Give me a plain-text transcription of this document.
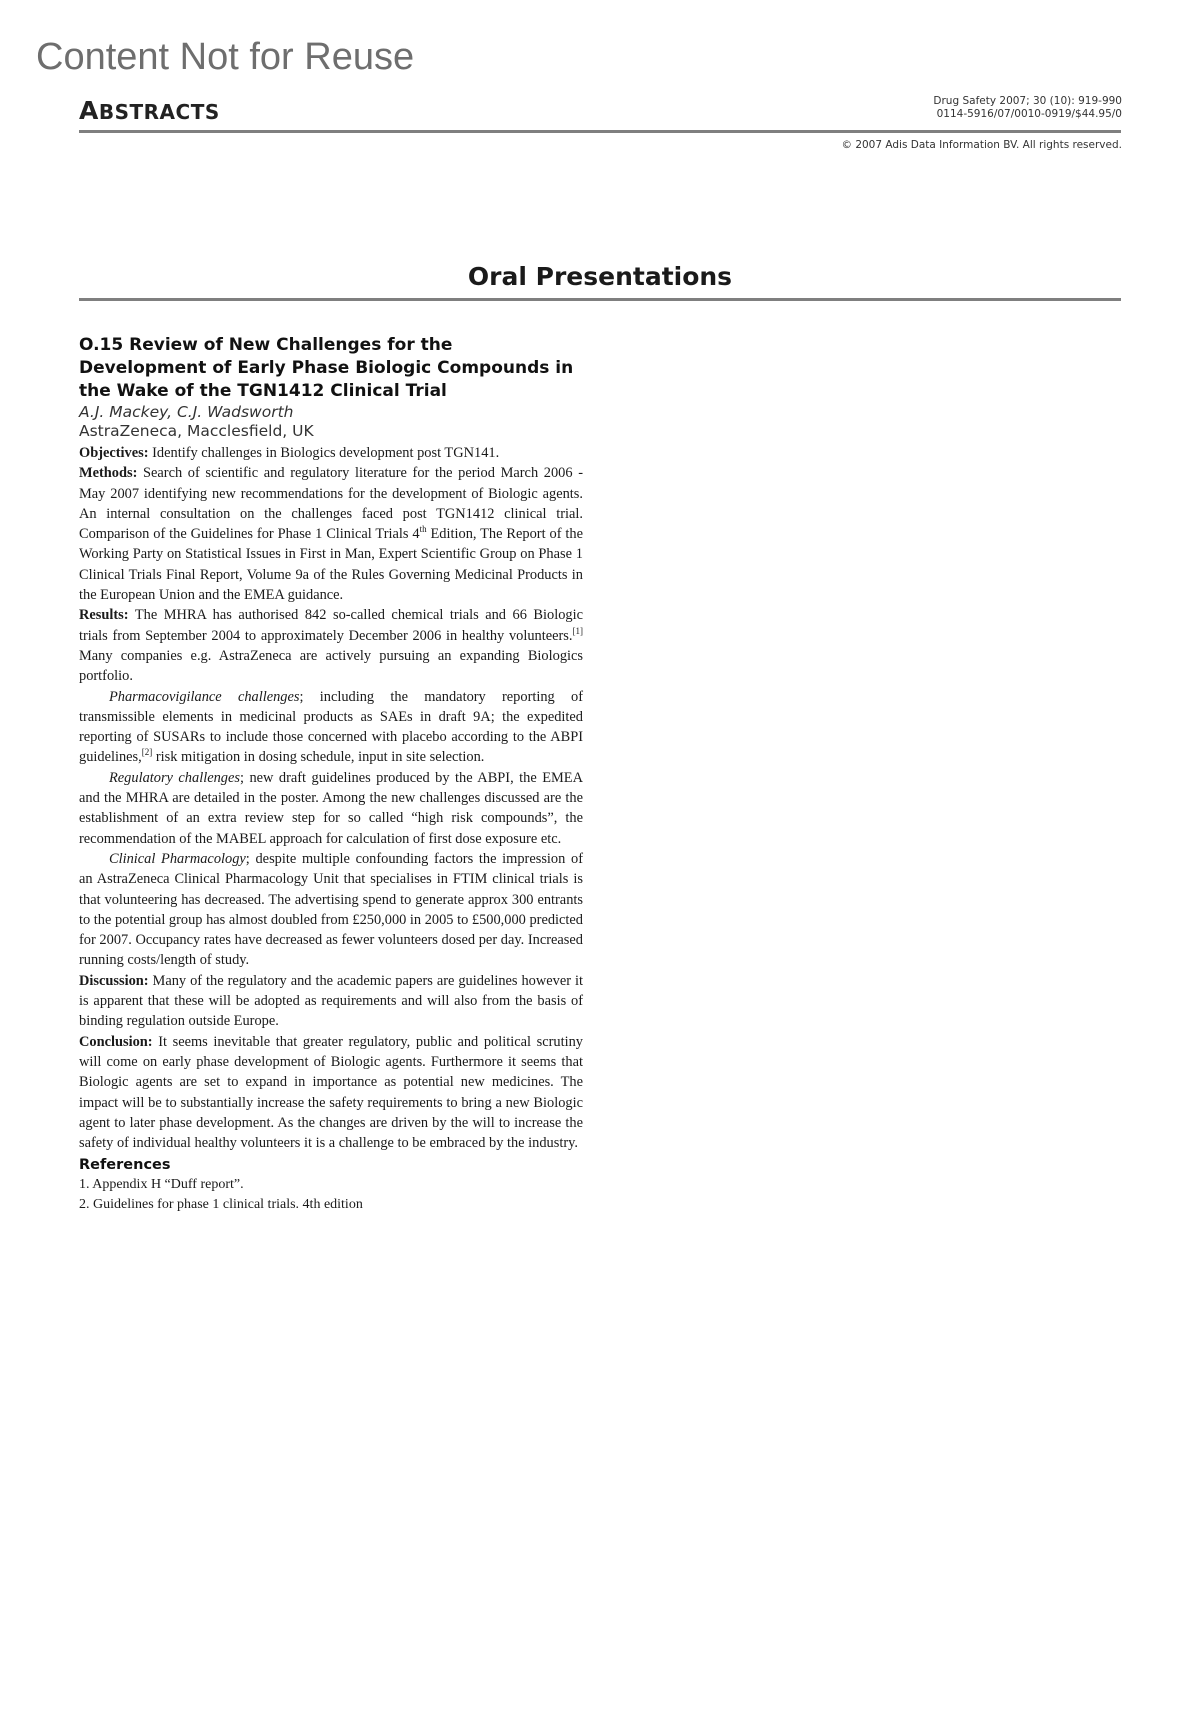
Content Not for Reuse
ABSTRACTS	Drug Safety 2007; 30 (10): 919-990
0114-5916/07/0010-0919/$44.95/0
© 2007 Adis Data Information BV. All rights reserved.
Oral Presentations
O.15 Review of New Challenges for the Development of Early Phase Biologic Compounds in the Wake of the TGN1412 Clinical Trial
A.J. Mackey, C.J. Wadsworth
AstraZeneca, Macclesfield, UK

Objectives: Identify challenges in Biologics development post TGN141.

Methods: Search of scientific and regulatory literature for the period March 2006 - May 2007 identifying new recommendations for the development of Biologic agents. An internal consultation on the challenges faced post TGN1412 clinical trial. Comparison of the Guidelines for Phase 1 Clinical Trials 4th Edition, The Report of the Working Party on Statistical Issues in First in Man, Expert Scientific Group on Phase 1 Clinical Trials Final Report, Volume 9a of the Rules Governing Medicinal Products in the European Union and the EMEA guidance.

Results: The MHRA has authorised 842 so-called chemical trials and 66 Biologic trials from September 2004 to approximately December 2006 in healthy volunteers.[1] Many companies e.g. AstraZeneca are actively pursuing an expanding Biologics portfolio.

Pharmacovigilance challenges; including the mandatory reporting of transmissible elements in medicinal products as SAEs in draft 9A; the expedited reporting of SUSARs to include those concerned with placebo according to the ABPI guidelines,[2] risk mitigation in dosing schedule, input in site selection.

Regulatory challenges; new draft guidelines produced by the ABPI, the EMEA and the MHRA are detailed in the poster. Among the new challenges discussed are the establishment of an extra review step for so called “high risk compounds”, the recommendation of the MABEL approach for calculation of first dose exposure etc.

Clinical Pharmacology; despite multiple confounding factors the impression of an AstraZeneca Clinical Pharmacology Unit that specialises in FTIM clinical trials is that volunteering has decreased. The advertising spend to generate approx 300 entrants to the potential group has almost doubled from £250,000 in 2005 to £500,000 predicted for 2007. Occupancy rates have decreased as fewer volunteers dosed per day. Increased running costs/length of study.

Discussion: Many of the regulatory and the academic papers are guidelines however it is apparent that these will be adopted as requirements and will also from the basis of binding regulation outside Europe.

Conclusion: It seems inevitable that greater regulatory, public and political scrutiny will come on early phase development of Biologic agents. Furthermore it seems that Biologic agents are set to expand in importance as potential new medicines. The impact will be to substantially increase the safety requirements to bring a new Biologic agent to later phase development. As the changes are driven by the will to increase the safety of individual healthy volunteers it is a challenge to be embraced by the industry.

References
1. Appendix H “Duff report”.
2. Guidelines for phase 1 clinical trials. 4th edition
